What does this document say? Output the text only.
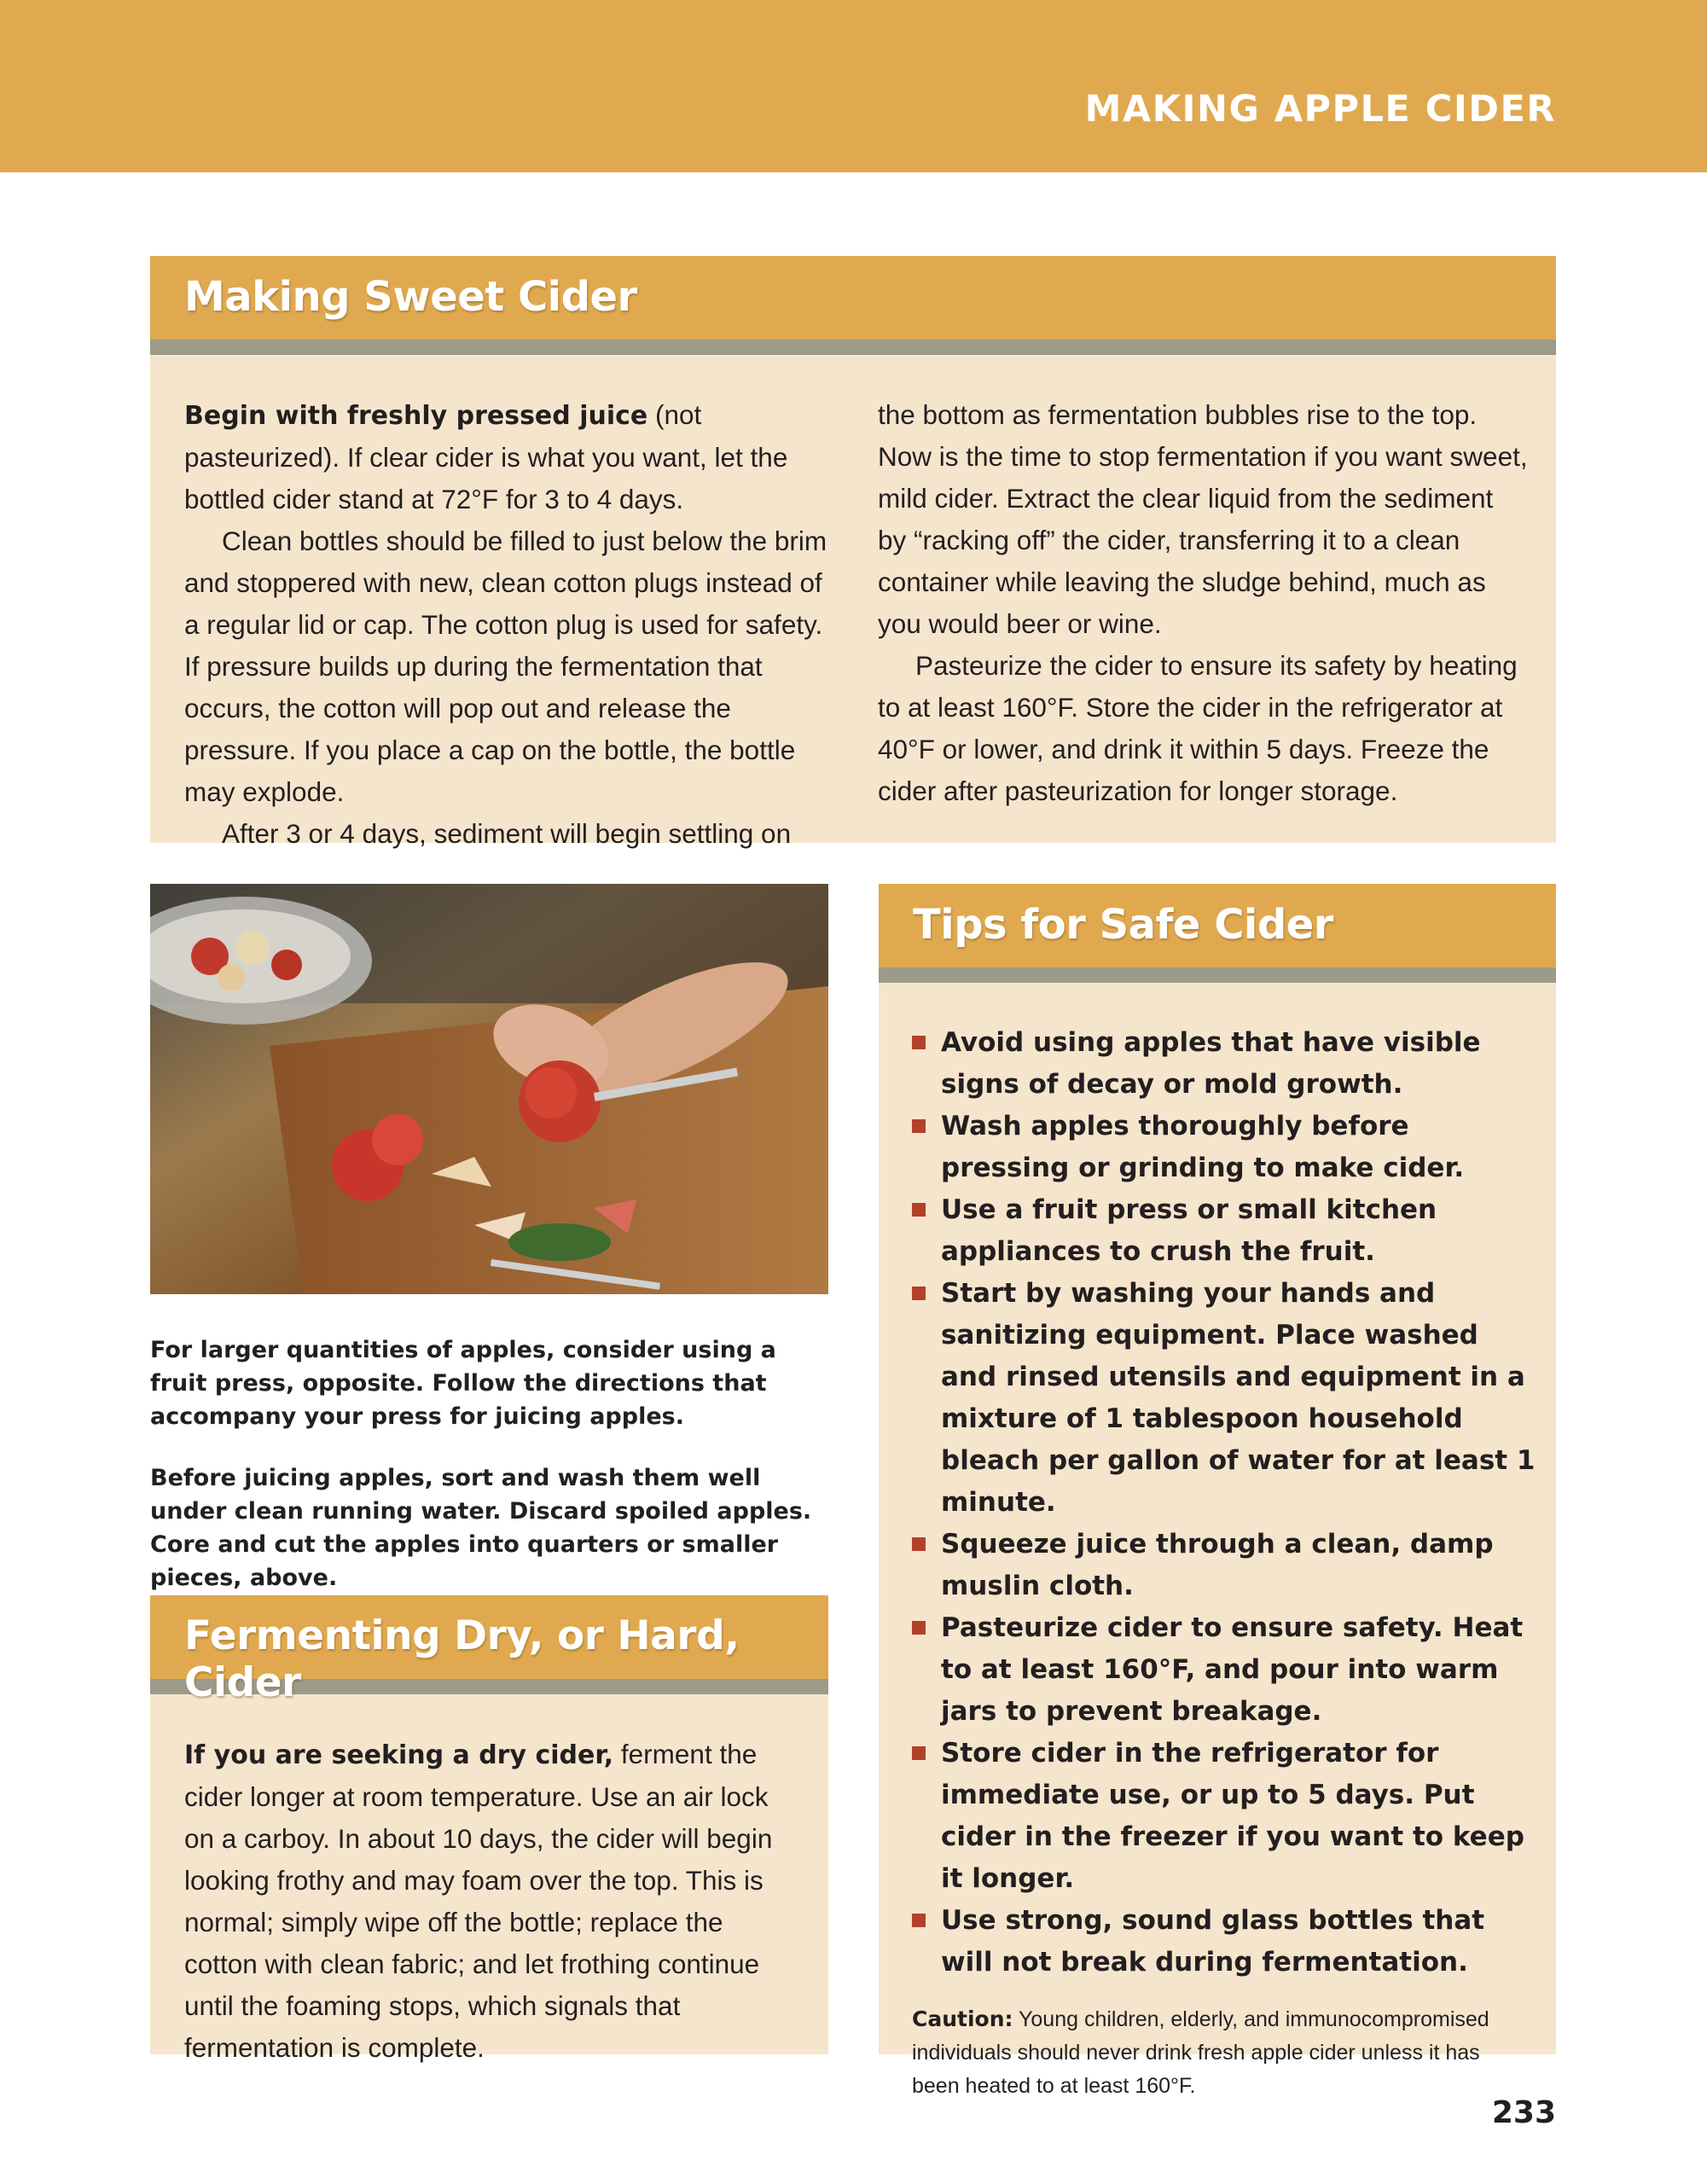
MAKING APPLE CIDER
Making Sweet Cider

Begin with freshly pressed juice (not pasteurized). If clear cider is what you want, let the bottled cider stand at 72°F for 3 to 4 days.

Clean bottles should be filled to just below the brim and stoppered with new, clean cotton plugs instead of a regular lid or cap. The cotton plug is used for safety. If pressure builds up during the fermentation that occurs, the cotton will pop out and release the pressure. If you place a cap on the bottle, the bottle may explode.

After 3 or 4 days, sediment will begin settling on

the bottom as fermentation bubbles rise to the top. Now is the time to stop fermentation if you want sweet, mild cider. Extract the clear liquid from the sediment by “racking off” the cider, transferring it to a clean container while leaving the sludge behind, much as you would beer or wine.

Pasteurize the cider to ensure its safety by heating to at least 160°F. Store the cider in the refrigerator at 40°F or lower, and drink it within 5 days. Freeze the cider after pasteurization for longer storage.

For larger quantities of apples, consider using a fruit press, opposite. Follow the directions that accompany your press for juicing apples.

Before juicing apples, sort and wash them well under clean running water. Discard spoiled apples. Core and cut the apples into quarters or smaller pieces, above.

Fermenting Dry, or Hard, Cider

If you are seeking a dry cider, ferment the cider longer at room temperature. Use an air lock on a carboy. In about 10 days, the cider will begin looking frothy and may foam over the top. This is normal; simply wipe off the bottle; replace the cotton with clean fabric; and let frothing continue until the foaming stops, which signals that fermentation is complete.

Tips for Safe Cider
Avoid using apples that have visible signs of decay or mold growth.
Wash apples thoroughly before pressing or grinding to make cider.
Use a fruit press or small kitchen appliances to crush the fruit.
Start by washing your hands and sanitizing equipment. Place washed and rinsed utensils and equipment in a mixture of 1 tablespoon household bleach per gallon of water for at least 1 minute.
Squeeze juice through a clean, damp muslin cloth.
Pasteurize cider to ensure safety. Heat to at least 160°F, and pour into warm jars to prevent breakage.
Store cider in the refrigerator for immediate use, or up to 5 days. Put cider in the freezer if you want to keep it longer.
Use strong, sound glass bottles that will not break during fermentation.

Caution: Young children, elderly, and immunocompromised individuals should never drink fresh apple cider unless it has been heated to at least 160°F.

233
